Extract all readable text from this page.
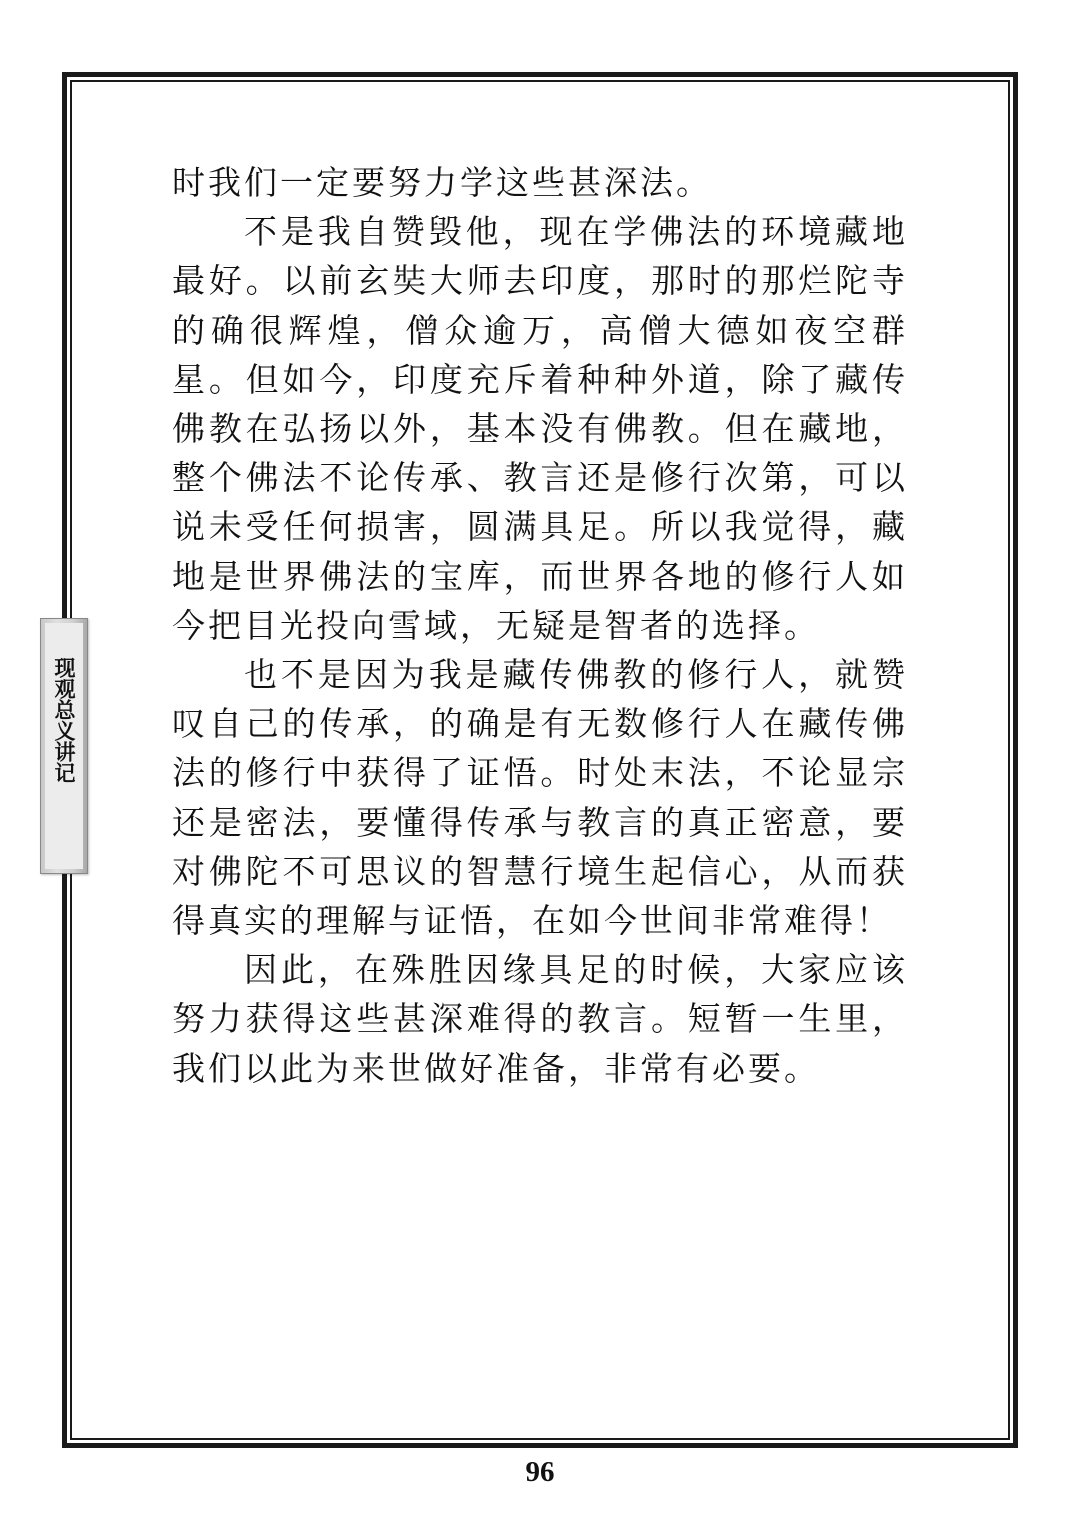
现观总义讲记

时我们一定要努力学这些甚深法。

不是我自赞毁他，现在学佛法的环境藏地最好。以前玄奘大师去印度，那时的那烂陀寺的确很辉煌，僧众逾万，高僧大德如夜空群星。但如今，印度充斥着种种外道，除了藏传佛教在弘扬以外，基本没有佛教。但在藏地，整个佛法不论传承、教言还是修行次第，可以说未受任何损害，圆满具足。所以我觉得，藏地是世界佛法的宝库，而世界各地的修行人如今把目光投向雪域，无疑是智者的选择。

也不是因为我是藏传佛教的修行人，就赞叹自己的传承，的确是有无数修行人在藏传佛法的修行中获得了证悟。时处末法，不论显宗还是密法，要懂得传承与教言的真正密意，要对佛陀不可思议的智慧行境生起信心，从而获得真实的理解与证悟，在如今世间非常难得！

因此，在殊胜因缘具足的时候，大家应该努力获得这些甚深难得的教言。短暂一生里，我们以此为来世做好准备，非常有必要。

96
